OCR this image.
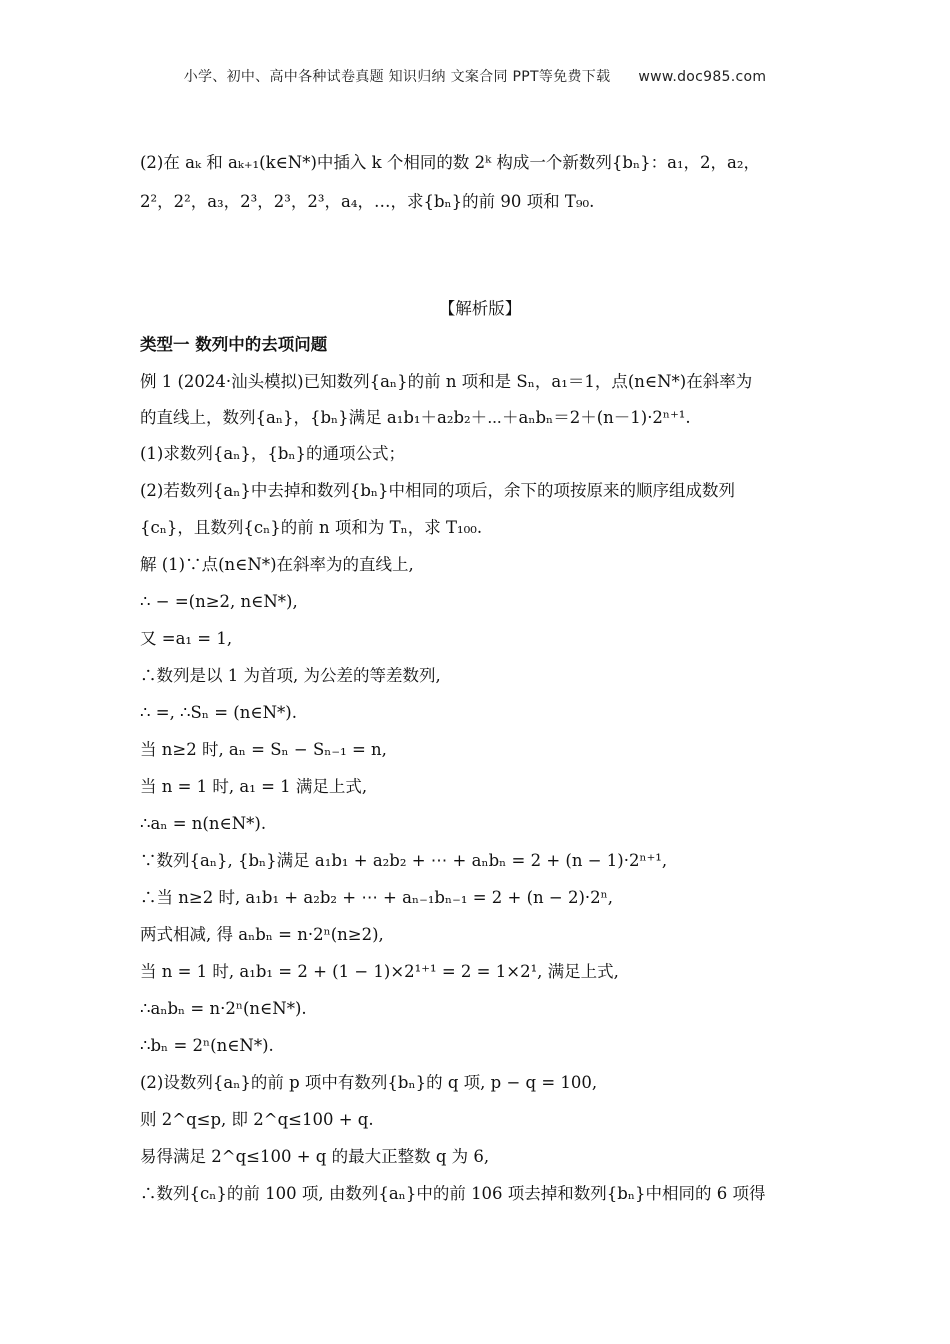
小学、初中、高中各种试卷真题 知识归纳 文案合同 PPT等免费下载 www.doc985.com
(2)在 aₖ 和 aₖ₊₁(k∈N*)中插入 k 个相同的数 2ᵏ 构成一个新数列{bₙ}：a₁，2，a₂，
2²，2²，a₃，2³，2³，2³，a₄，…，求{bₙ}的前 90 项和 T₉₀.
【解析版】
类型一 数列中的去项问题
例 1 (2024·汕头模拟)已知数列{aₙ}的前 n 项和是 Sₙ，a₁＝1，点(n∈N*)在斜率为
的直线上，数列{aₙ}，{bₙ}满足 a₁b₁＋a₂b₂＋⋯＋aₙbₙ＝2＋(n－1)·2ⁿ⁺¹.
(1)求数列{aₙ}，{bₙ}的通项公式；
(2)若数列{aₙ}中去掉和数列{bₙ}中相同的项后，余下的项按原来的顺序组成数列
{cₙ}，且数列{cₙ}的前 n 项和为 Tₙ，求 T₁₀₀.
解 (1)∵点(n∈N*)在斜率为的直线上,
∴ − =(n≥2, n∈N*),
又 =a₁ = 1,
∴数列是以 1 为首项, 为公差的等差数列,
∴ =, ∴Sₙ = (n∈N*).
当 n≥2 时, aₙ = Sₙ − Sₙ₋₁ = n,
当 n = 1 时, a₁ = 1 满足上式,
∴aₙ = n(n∈N*).
∵数列{aₙ}, {bₙ}满足 a₁b₁ + a₂b₂ + ⋯ + aₙbₙ = 2 + (n − 1)·2ⁿ⁺¹,
∴当 n≥2 时, a₁b₁ + a₂b₂ + ⋯ + aₙ₋₁bₙ₋₁ = 2 + (n − 2)·2ⁿ,
两式相减, 得 aₙbₙ = n·2ⁿ(n≥2),
当 n = 1 时, a₁b₁ = 2 + (1 − 1)×2¹⁺¹ = 2 = 1×2¹, 满足上式,
∴aₙbₙ = n·2ⁿ(n∈N*).
∴bₙ = 2ⁿ(n∈N*).
(2)设数列{aₙ}的前 p 项中有数列{bₙ}的 q 项, p − q = 100,
则 2^q≤p, 即 2^q≤100 + q.
易得满足 2^q≤100 + q 的最大正整数 q 为 6,
∴数列{cₙ}的前 100 项, 由数列{aₙ}中的前 106 项去掉和数列{bₙ}中相同的 6 项得
